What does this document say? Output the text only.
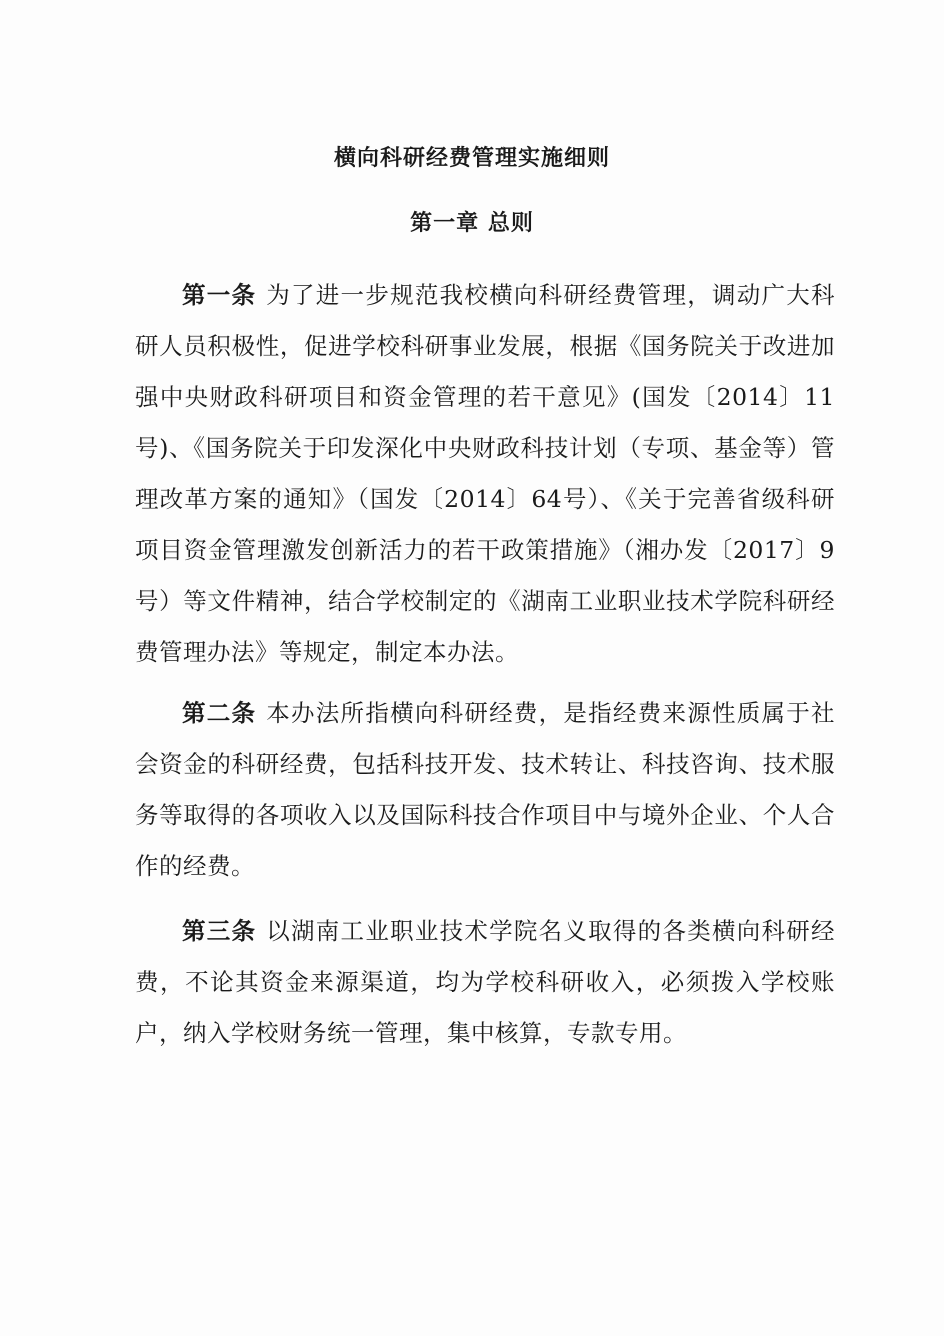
横向科研经费管理实施细则
第一章 总则

第一条 为了进一步规范我校横向科研经费管理，调动广大科研人员积极性，促进学校科研事业发展，根据《国务院关于改进加强中央财政科研项目和资金管理的若干意见》(国发〔2014〕11号)、《国务院关于印发深化中央财政科技计划（专项、基金等）管理改革方案的通知》（国发〔2014〕64号）、《关于完善省级科研项目资金管理激发创新活力的若干政策措施》（湘办发〔2017〕9号）等文件精神，结合学校制定的《湖南工业职业技术学院科研经费管理办法》等规定，制定本办法。

第二条 本办法所指横向科研经费，是指经费来源性质属于社会资金的科研经费，包括科技开发、技术转让、科技咨询、技术服务等取得的各项收入以及国际科技合作项目中与境外企业、个人合作的经费。

第三条 以湖南工业职业技术学院名义取得的各类横向科研经费，不论其资金来源渠道，均为学校科研收入，必须拨入学校账户，纳入学校财务统一管理，集中核算，专款专用。
